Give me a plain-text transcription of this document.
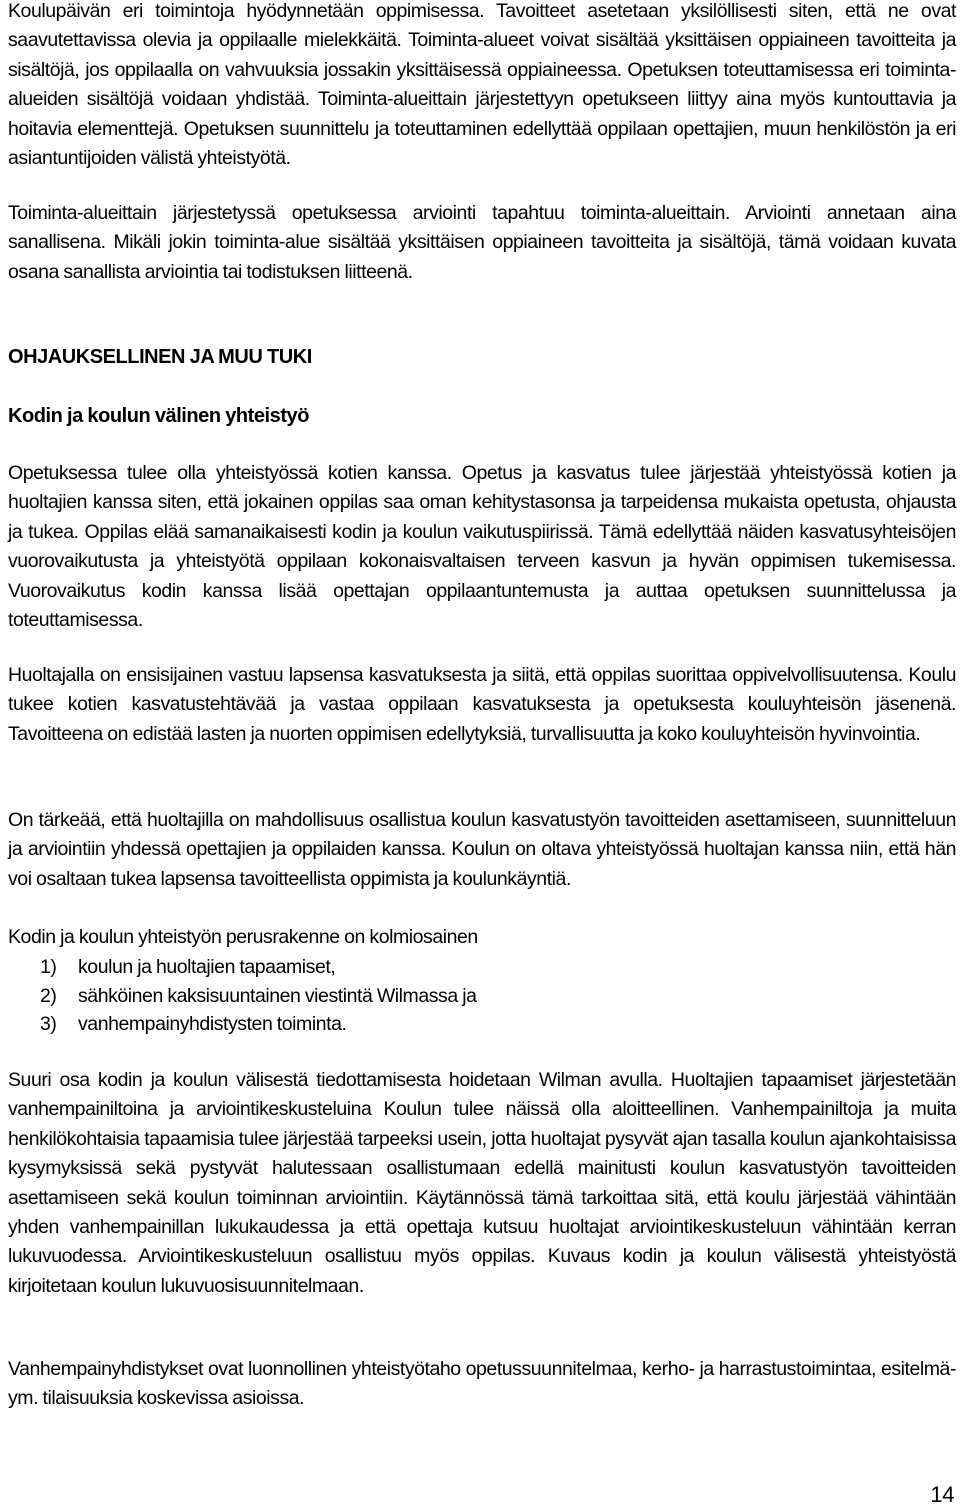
Koulupäivän eri toimintoja hyödynnetään oppimisessa. Tavoitteet asetetaan yksilöllisesti siten, että ne ovat saavutettavissa olevia ja oppilaalle mielekkäitä. Toiminta-alueet voivat sisältää yksittäisen oppiaineen tavoitteita ja sisältöjä, jos oppilaalla on vahvuuksia jossakin yksittäisessä oppiaineessa. Opetuksen toteuttamisessa eri toiminta-alueiden sisältöjä voidaan yhdistää. Toiminta-alueittain järjestettyyn opetukseen liittyy aina myös kuntouttavia ja hoitavia elementtejä. Opetuksen suunnittelu ja toteuttaminen edellyttää oppilaan opettajien, muun henkilöstön ja eri asiantuntijoiden välistä yhteistyötä.

Toiminta-alueittain järjestetyssä opetuksessa arviointi tapahtuu toiminta-alueittain. Arviointi annetaan aina sanallisena. Mikäli jokin toiminta-alue sisältää yksittäisen oppiaineen tavoitteita ja sisältöjä, tämä voidaan kuvata osana sanallista arviointia tai todistuksen liitteenä.

OHJAUKSELLINEN JA MUU TUKI
Kodin ja koulun välinen yhteistyö

Opetuksessa tulee olla yhteistyössä kotien kanssa. Opetus ja kasvatus tulee järjestää yhteistyössä kotien ja huoltajien kanssa siten, että jokainen oppilas saa oman kehitystasonsa ja tarpeidensa mukaista opetusta, ohjausta ja tukea. Oppilas elää samanaikaisesti kodin ja koulun vaikutuspiirissä. Tämä edellyttää näiden kasvatusyhteisöjen vuorovaikutusta ja yhteistyötä oppilaan kokonaisvaltaisen terveen kasvun ja hyvän oppimisen tukemisessa. Vuorovaikutus kodin kanssa lisää opettajan oppilaantuntemusta ja auttaa opetuksen suunnittelussa ja toteuttamisessa.

Huoltajalla on ensisijainen vastuu lapsensa kasvatuksesta ja siitä, että oppilas suorittaa oppivelvollisuutensa. Koulu tukee kotien kasvatustehtävää ja vastaa oppilaan kasvatuksesta ja opetuksesta kouluyhteisön jäsenenä. Tavoitteena on edistää lasten ja nuorten oppimisen edellytyksiä, turvallisuutta ja koko kouluyhteisön hyvinvointia.

On tärkeää, että huoltajilla on mahdollisuus osallistua koulun kasvatustyön tavoitteiden asettamiseen, suunnitteluun ja arviointiin yhdessä opettajien ja oppilaiden kanssa. Koulun on oltava yhteistyössä huoltajan kanssa niin, että hän voi osaltaan tukea lapsensa tavoitteellista oppimista ja koulunkäyntiä.

Kodin ja koulun yhteistyön perusrakenne on kolmiosainen

1) koulun ja huoltajien tapaamiset,
2) sähköinen kaksisuuntainen viestintä Wilmassa ja
3) vanhempainyhdistysten toiminta.

Suuri osa kodin ja koulun välisestä tiedottamisesta hoidetaan Wilman avulla. Huoltajien tapaamiset järjestetään vanhempainiltoina ja arviointikeskusteluina Koulun tulee näissä olla aloitteellinen. Vanhempainiltoja ja muita henkilökohtaisia tapaamisia tulee järjestää tarpeeksi usein, jotta huoltajat pysyvät ajan tasalla koulun ajankohtaisissa kysymyksissä sekä pystyvät halutessaan osallistumaan edellä mainitusti koulun kasvatustyön tavoitteiden asettamiseen sekä koulun toiminnan arviointiin. Käytännössä tämä tarkoittaa sitä, että koulu järjestää vähintään yhden vanhempainillan lukukaudessa ja että opettaja kutsuu huoltajat arviointikeskusteluun vähintään kerran lukuvuodessa. Arviointikeskusteluun osallistuu myös oppilas. Kuvaus kodin ja koulun välisestä yhteistyöstä kirjoitetaan koulun lukuvuosisuunnitelmaan.

Vanhempainyhdistykset ovat luonnollinen yhteistyötaho opetussuunnitelmaa, kerho- ja harrastustoimintaa, esitelmä- ym. tilaisuuksia koskevissa asioissa.

14
